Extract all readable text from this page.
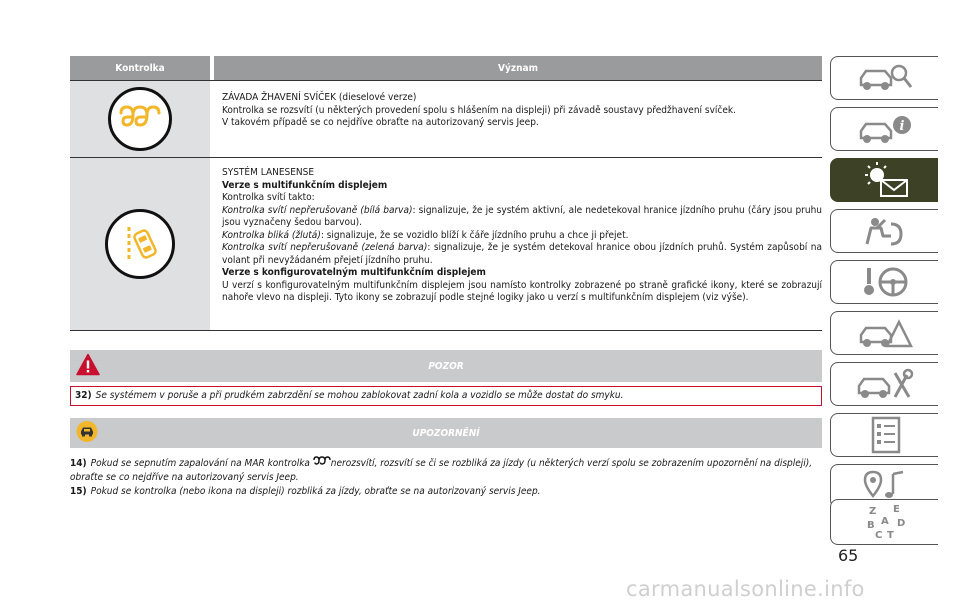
Kontrolka	Význam
ZÁVADA ŽHAVENÍ SVÍČEK (dieselové verze)
Kontrolka se rozsvítí (u některých provedení spolu s hlášením na displeji) při závadě soustavy předžhavení svíček.
V takovém případě se co nejdříve obraťte na autorizovaný servis Jeep.
SYSTÉM LANESENSE
Verze s multifunkčním displejem
Kontrolka svítí takto:
Kontrolka svítí nepřerušovaně (bílá barva): signalizuje, že je systém aktivní, ale nedetekoval hranice jízdního pruhu (čáry jsou pruhu jsou vyznačeny šedou barvou).
Kontrolka bliká (žlutá): signalizuje, že se vozidlo blíží k čáře jízdního pruhu a chce ji přejet.
Kontrolka svítí nepřerušovaně (zelená barva): signalizuje, že je systém detekoval hranice obou jízdních pruhů. Systém zapůsobí na volant při nevyžádaném přejetí jízdního pruhu.
Verze s konfigurovatelným multifunkčním displejem
U verzí s konfigurovatelným multifunkčním displejem jsou namísto kontrolky zobrazené po straně grafické ikony, které se zobrazují nahoře vlevo na displeji. Tyto ikony se zobrazují podle stejné logiky jako u verzí s multifunkčním displejem (viz výše).
POZOR
32) Se systémem v poruše a při prudkém zabrzdění se mohou zablokovat zadní kola a vozidlo se může dostat do smyku.
UPOZORNĚNÍ
14) Pokud se sepnutím zapalování na MAR kontrolka nerozsvítí, rozsvítí se či se rozbliká za jízdy (u některých verzí spolu se zobrazením upozornění na displeji), obraťte se co nejdříve na autorizovaný servis Jeep.
15) Pokud se kontrolka (nebo ikona na displeji) rozbliká za jízdy, obraťte se na autorizovaný servis Jeep.
i
Z E
B A D
C T
65
carmanualsonline.info
